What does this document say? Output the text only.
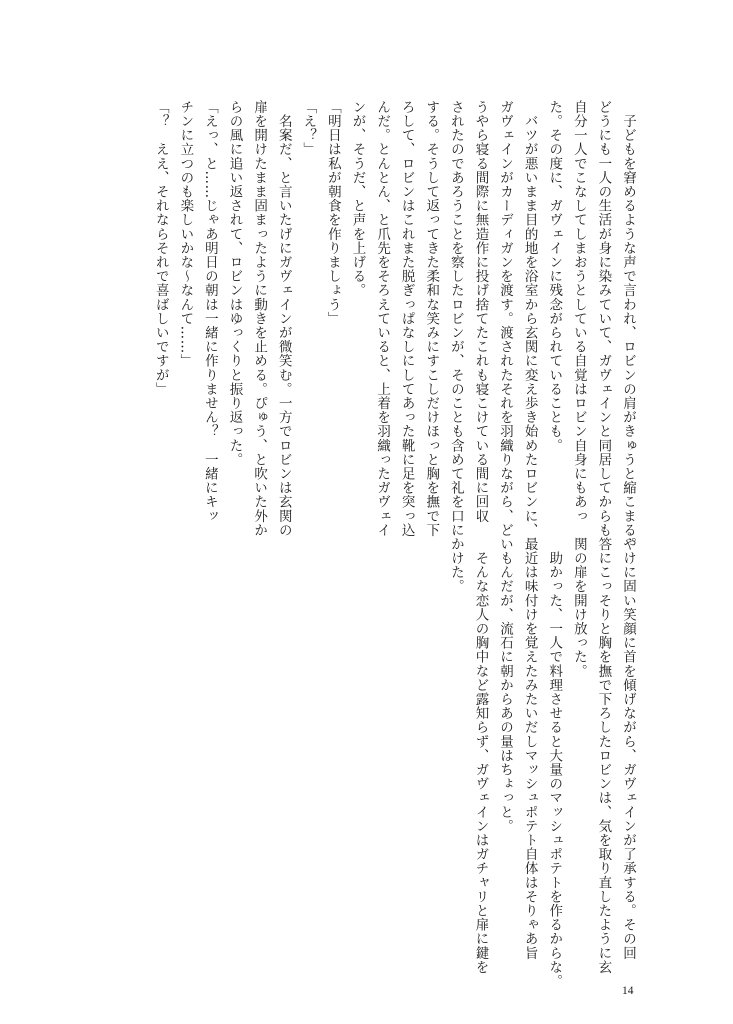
　子どもを窘めるような声で言われ、ロビンの肩がきゅうと縮こまる。

どうにも一人の生活が身に染みていて、ガヴェインと同居してからも

自分一人でこなしてしまおうとしている自覚はロビン自身にもあっ

た。その度に、ガヴェインに残念がられていることも。

　バツが悪いまま目的地を浴室から玄関に変え歩き始めたロビンに、

ガヴェインがカーディガンを渡す。渡されたそれを羽織りながら、ど

うやら寝る間際に無造作に投げ捨てたこれも寝こけている間に回収

されたのであろうことを察したロビンが、そのことも含めて礼を口に

する。そうして返ってきた柔和な笑みにすこしだけほっと胸を撫で下

ろして、ロビンはこれまた脱ぎっぱなしにしてあった靴に足を突っ込

んだ。とんとん、と爪先をそろえていると、上着を羽織ったガヴェイ

ンが、そうだ、と声を上げる。

「明日は私が朝食を作りましょう」

「え？」

　名案だ、と言いたげにガヴェインが微笑む。一方でロビンは玄関の

扉を開けたまま固まったように動きを止める。ぴゅう、と吹いた外か

らの風に追い返されて、ロビンはゆっくりと振り返った。

「えっ、と……じゃあ明日の朝は一緒に作りません？　一緒にキッ

チンに立つのも楽しいかな〜なんて……」

「？　ええ、それならそれで喜ばしいですが」

やけに固い笑顔に首を傾げながら、ガヴェインが了承する。その回

答にこっそりと胸を撫で下ろしたロビンは、気を取り直したように玄

関の扉を開け放った。

　助かった、一人で料理させると大量のマッシュポテトを作るからな。

最近は味付けを覚えたみたいだしマッシュポテト自体はそりゃあ旨

いもんだが、流石に朝からあの量はちょっと。

　そんな恋人の胸中など露知らず、ガヴェインはガチャリと扉に鍵を

かけた。

14
